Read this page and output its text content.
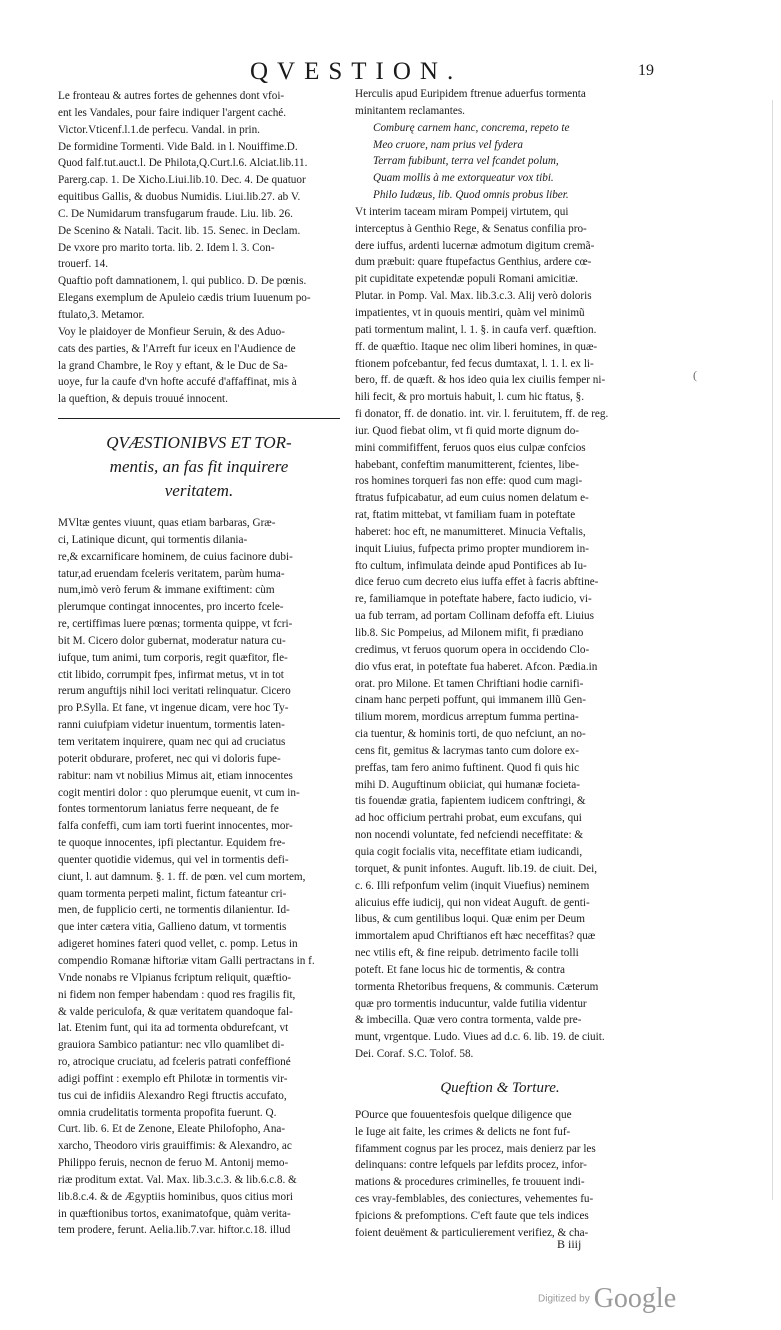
QVESTION.	19
Le fronteau & autres fortes de gehennes dont vfoi-
ent les Vandales, pour faire indiquer l'argent caché.
Victor.Vticenf.l.1.de perfecu. Vandal. in prin.
De formidine Tormenti. Vide Bald. in l. Nouiffime.D.
Quod falf.tut.auct.l. De Philota,Q.Curt.l.6. Alciat.lib.11.
Parerg.cap. 1. De Xicho.Liui.lib.10. Dec. 4. De quatuor
equitibus Gallis, & duobus Numidis. Liui.lib.27. ab V.
C. De Numidarum transfugarum fraude. Liu. lib. 26.
De Scenino & Natali. Tacit. lib. 15. Senec. in Declam.
De vxore pro marito torta. lib. 2. Idem l. 3. Con-
trouerf. 14.
Quaftio poft damnationem, l. qui publico. D. De pœnis.
Elegans exemplum de Apuleio cædis trium Iuuenum po-
ftulato,3. Metamor.
Voy le plaidoyer de Monfieur Seruin, & des Aduo-
cats des parties, & l'Arreft fur iceux en l'Audience de
la grand Chambre, le Roy y eftant, & le Duc de Sa-
uoye, fur la caufe d'vn hofte accufé d'affaffinat, mis à
la queftion, & depuis trouué innocent.
QVÆSTIONIBVS ET TOR-
mentis, an fas fit inquirere
veritatem.
MVltæ gentes viuunt, quas etiam barbaras, Græ-
ci, Latinique dicunt, qui tormentis dilania-
re,& excarnificare hominem, de cuius facinore dubi-
tatur,ad eruendam fceleris veritatem, parùm huma-
num,imò verò ferum & immane exiftiment: cùm
plerumque contingat innocentes, pro incerto fcele-
re, certiffimas luere pœnas; tormenta quippe, vt fcri-
bit M. Cicero dolor gubernat, moderatur natura cu-
iufque, tum animi, tum corporis, regit quæfitor, fle-
ctit libido, corrumpit fpes, infirmat metus, vt in tot
rerum anguftijs nihil loci veritati relinquatur. Cicero
pro P.Sylla. Et fane, vt ingenue dicam, vere hoc Ty-
ranni cuiufpiam videtur inuentum, tormentis laten-
tem veritatem inquirere, quam nec qui ad cruciatus
poterit obdurare, proferet, nec qui vi doloris fupe-
rabitur: nam vt nobilius Mimus ait, etiam innocentes
cogit mentiri dolor : quo plerumque euenit, vt cum in-
fontes tormentorum laniatus ferre nequeant, de fe
falfa confeffi, cum iam torti fuerint innocentes, mor-
te quoque innocentes, ipfi plectantur. Equidem fre-
quenter quotidie videmus, qui vel in tormentis defi-
ciunt, l. aut damnum. §. 1. ff. de pœn. vel cum mortem,
quam tormenta perpeti malint, fictum fateantur cri-
men, de fupplicio certi, ne tormentis dilanientur. Id-
que inter cætera vitia, Gallieno datum, vt tormentis
adigeret homines fateri quod vellet, c. pomp. Letus in
compendio Romanæ hiftoriæ vitam Galli pertractans in f.
Vnde nonabs re Vlpianus fcriptum reliquit, quæftio-
ni fidem non femper habendam : quod res fragilis fit,
& valde periculofa, & quæ veritatem quandoque fal-
lat. Etenim funt, qui ita ad tormenta obdurefcant, vt
grauiora Sambico patiantur: nec vllo quamlibet di-
ro, atrocique cruciatu, ad fceleris patrati confeffioné
adigi poffint : exemplo eft Philotæ in tormentis vir-
tus cui de infidiis Alexandro Regi ftructis accufato,
omnia crudelitatis tormenta propofita fuerunt. Q.
Curt. lib. 6. Et de Zenone, Eleate Philofopho, Ana-
xarcho, Theodoro viris grauiffimis: & Alexandro, ac
Philippo feruis, necnon de feruo M. Antonij memo-
riæ proditum extat. Val. Max. lib.3.c.3. & lib.6.c.8. &
lib.8.c.4. & de Ægyptiis hominibus, quos citius mori
in quæftionibus tortos, exanimatofque, quàm verita-
tem prodere, ferunt. Aelia.lib.7.var. hiftor.c.18. illud
Herculis apud Euripidem ftrenue aduerfus tormenta
minitantem reclamantes.
Comburę carnem hanc, concrema, repeto te
Meo cruore, nam prius vel fydera
Terram fubibunt, terra vel fcandet polum,
Quam mollis à me extorqueatur vox tibi.
Philo Iudæus, lib. Quod omnis probus liber.
Vt interim taceam miram Pompeij virtutem, qui
interceptus à Genthio Rege, & Senatus confilia pro-
dere iuffus, ardenti lucernæ admotum digitum cremã-
dum præbuit: quare ftupefactus Genthius, ardere cœ-
pit cupiditate expetendæ populi Romani amicitiæ.
Plutar. in Pomp. Val. Max. lib.3.c.3. Alij verò doloris
impatientes, vt in quouis mentiri, quàm vel minimũ
pati tormentum malint, l. 1. §. in caufa verf. quæftion.
ff. de quæftio. Itaque nec olim liberi homines, in quæ-
ftionem pofcebantur, fed fecus dumtaxat, l. 1. l. ex li-
bero, ff. de quæft. & hos ideo quia lex ciuilis femper ni-
hili fecit, & pro mortuis habuit, l. cum hic ftatus, §.
fi donator, ff. de donatio. int. vir. l. feruitutem, ff. de reg.
iur. Quod fiebat olim, vt fi quid morte dignum do-
mini commififfent, feruos quos eius culpæ confcios
habebant, confeftim manumitterent, fcientes, libe-
ros homines torqueri fas non effe: quod cum magi-
ftratus fufpicabatur, ad eum cuius nomen delatum e-
rat, ftatim mittebat, vt familiam fuam in poteftate
haberet: hoc eft, ne manumitteret. Minucia Veftalis,
inquit Liuius, fufpecta primo propter mundiorem in-
fto cultum, infimulata deinde apud Pontifices ab Iu-
dice feruo cum decreto eius iuffa effet à facris abftine-
re, familiamque in poteftate habere, facto iudicio, vi-
ua fub terram, ad portam Collinam defoffa eft. Liuius
lib.8. Sic Pompeius, ad Milonem mifit, fi prædiano
credimus, vt feruos quorum opera in occidendo Clo-
dio vfus erat, in poteftate fua haberet. Afcon. Pædia.in
orat. pro Milone. Et tamen Chriftiani hodie carnifi-
cinam hanc perpeti poffunt, qui immanem illũ Gen-
tilium morem, mordicus arreptum fumma pertina-
cia tuentur, & hominis torti, de quo nefciunt, an no-
cens fit, gemitus & lacrymas tanto cum dolore ex-
preffas, tam fero animo fuftinent. Quod fi quis hic
mihi D. Auguftinum obiiciat, qui humanæ focieta-
tis fouendæ gratia, fapientem iudicem conftringi, &
ad hoc officium pertrahi probat, eum excufans, qui
non nocendi voluntate, fed nefciendi neceffitate: &
quia cogit focialis vita, neceffitate etiam iudicandi,
torquet, & punit infontes. Auguft. lib.19. de ciuit. Dei,
c. 6. Illi refponfum velim (inquit Viuefius) neminem
alicuius effe iudicij, qui non videat Auguft. de genti-
libus, & cum gentilibus loqui. Quæ enim per Deum
immortalem apud Chriftianos eft hæc neceffitas? quæ
nec vtilis eft, & fine reipub. detrimento facile tolli
poteft. Et fane locus hic de tormentis, & contra
tormenta Rhetoribus frequens, & communis. Cæterum
quæ pro tormentis inducuntur, valde futilia videntur
& imbecilla. Quæ vero contra tormenta, valde pre-
munt, vrgentque. Ludo. Viues ad d.c. 6. lib. 19. de ciuit.
Dei. Coraf. S.C. Tolof. 58.
Queftion & Torture.
POurce que fouuentesfois quelque diligence que
le Iuge ait faite, les crimes & delicts ne font fuf-
fifamment cognus par les procez, mais denierz par les
delinquans: contre lefquels par lefdits procez, infor-
mations & procedures criminelles, fe trouuent indi-
ces vray-femblables, des coniectures, vehementes fu-
fpicions & prefomptions. C'eft faute que tels indices
foient deuëment & particulierement verifiez, & cha-
B iiij
(
Digitized by Google
